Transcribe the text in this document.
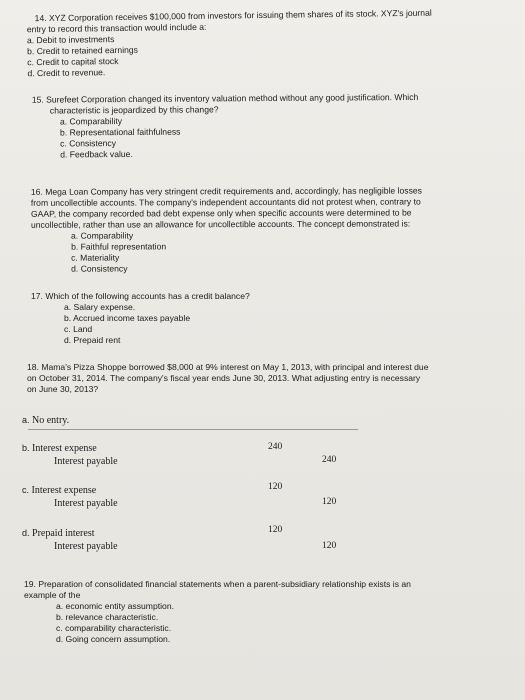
14. XYZ Corporation receives $100,000 from investors for issuing them shares of its stock. XYZ's journal

entry to record this transaction would include a:

a. Debit to investments

b. Credit to retained earnings

c. Credit to capital stock

d. Credit to revenue.

15. Surefeet Corporation changed its inventory valuation method without any good justification. Which

characteristic is jeopardized by this change?

a. Comparability

b. Representational faithfulness

c. Consistency

d. Feedback value.

16. Mega Loan Company has very stringent credit requirements and, accordingly, has negligible losses

from uncollectible accounts. The company's independent accountants did not protest when, contrary to

GAAP, the company recorded bad debt expense only when specific accounts were determined to be

uncollectible, rather than use an allowance for uncollectible accounts. The concept demonstrated is:

a. Comparability

b. Faithful representation

c. Materiality

d. Consistency

17. Which of the following accounts has a credit balance?

a. Salary expense.

b. Accrued income taxes payable

c. Land

d. Prepaid rent

18. Mama's Pizza Shoppe borrowed $8,000 at 9% interest on May 1, 2013, with principal and interest due

on October 31, 2014. The company's fiscal year ends June 30, 2013. What adjusting entry is necessary

on June 30, 2013?

a. No entry.
b. Interest expense
Interest payable
240
240
c. Interest expense
Interest payable
120
120
d. Prepaid interest
Interest payable
120
120

19. Preparation of consolidated financial statements when a parent-subsidiary relationship exists is an

example of the

a. economic entity assumption.

b. relevance characteristic.

c. comparability characteristic.

d. Going concern assumption.
